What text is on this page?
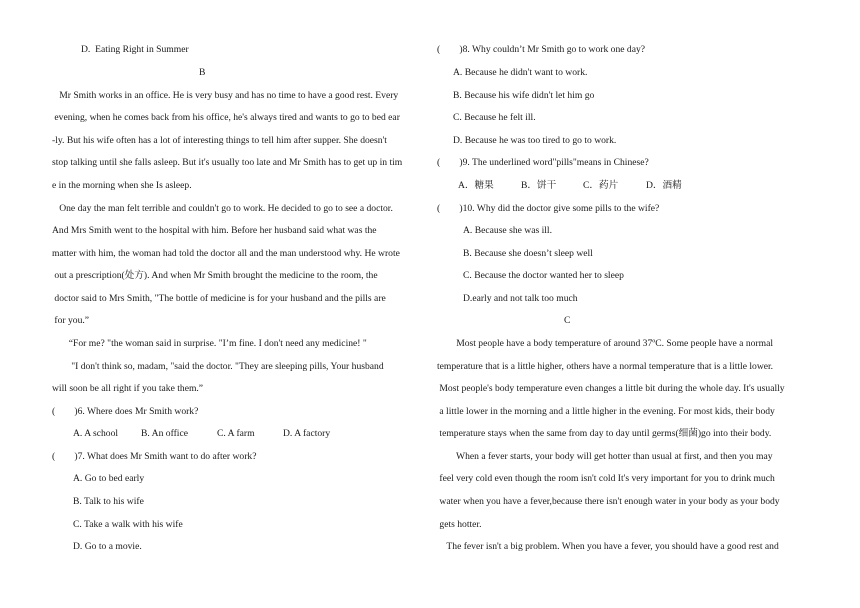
D.  Eating Right in Summer

B

Mr Smith works in an office. He is very busy and has no time to have a good rest. Every

evening, when he comes back from his office, he's always tired and wants to go to bed ear

-ly. But his wife often has a lot of interesting things to tell him after supper. She doesn't

stop talking until she falls asleep. But it's usually too late and Mr Smith has to get up in tim

e in the morning when she Is asleep.

One day the man felt terrible and couldn't go to work. He decided to go to see a doctor.

And Mrs Smith went to the hospital with him. Before her husband said what was the

matter with him, the woman had told the doctor all and the man understood why. He wrote

out a prescription(处方). And when Mr Smith brought the medicine to the room, the

doctor said to Mrs Smith, "The bottle of medicine is for your husband and the pills are

for you.”

“For me? "the woman said in surprise. "I’m fine. I don't need any medicine! "

"I don't think so, madam, "said the doctor. "They are sleeping pills, Your husband

will soon be all right if you take them.”

(        )6. Where does Mr Smith work?

A. A school B. An office	C. A farm	D. A factory

(        )7. What does Mr Smith want to do after work?

A. Go to bed early

B. Talk to his wife

C. Take a walk with his wife

D. Go to a movie.

(        )8. Why couldn’t Mr Smith go to work one day?

A. Because he didn't want to work.

B. Because his wife didn't let him go

C. Because he felt ill.

D. Because he was too tired to go to work.

(        )9. The underlined word"pills"means in Chinese?

A．糖果	B．饼干	C．药片	D．酒精

(        )10. Why did the doctor give some pills to the wife?

A. Because she was ill.

B. Because she doesn’t sleep well

C. Because the doctor wanted her to sleep

D.early and not talk too much

C

Most people have a body temperature of around 37ºC. Some people have a normal

temperature that is a little higher, others have a normal temperature that is a little lower.

Most people's body temperature even changes a little bit during the whole day. It's usually

a little lower in the morning and a little higher in the evening. For most kids, their body

temperature stays when the same from day to day until germs(细菌)go into their body.

When a fever starts, your body will get hotter than usual at first, and then you may

feel very cold even though the room isn't cold It's very important for you to drink much

water when you have a fever,because there isn't enough water in your body as your body

gets hotter.

The fever isn't a big problem. When you have a fever, you should have a good rest and
